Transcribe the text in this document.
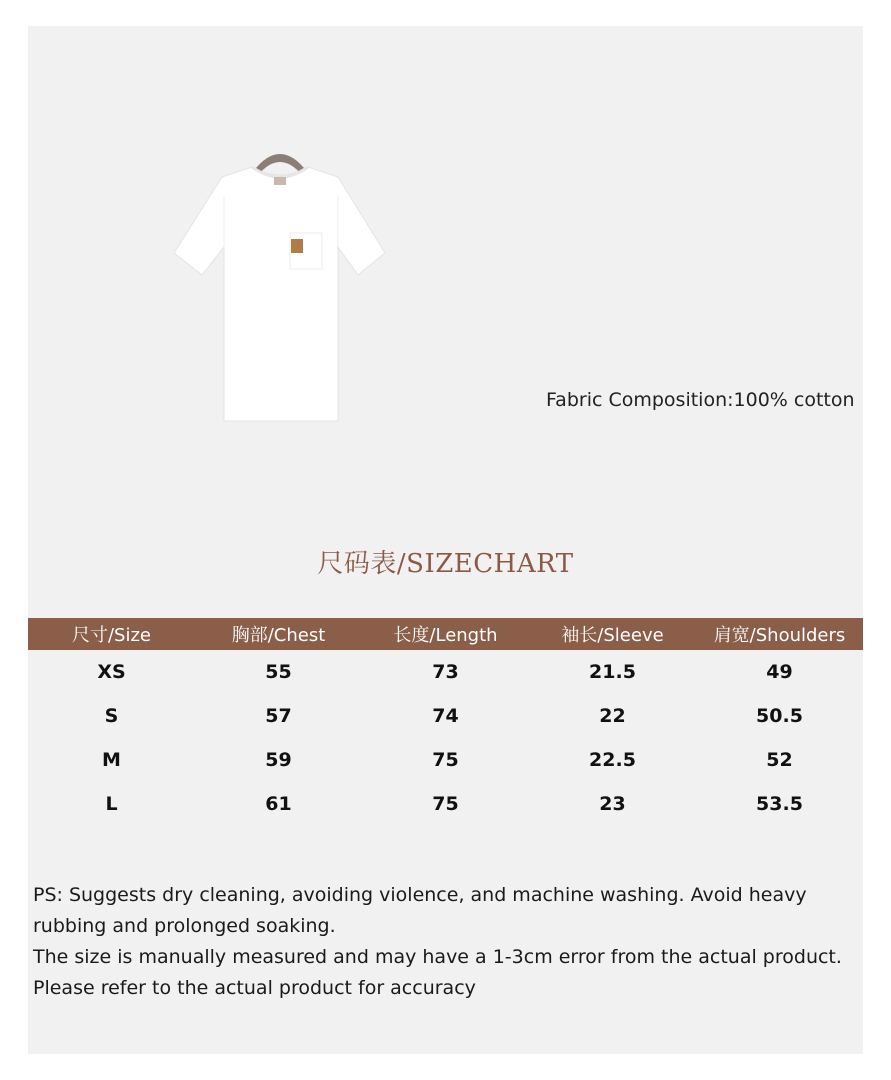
Fabric Composition:100% cotton
尺码表/SIZECHART
尺寸/Size	胸部/Chest	长度/Length	袖长/Sleeve	肩宽/Shoulders
XS	55	73	21.5	49
S	57	74	22	50.5
M	59	75	22.5	52
L	61	75	23	53.5

PS: Suggests dry cleaning, avoiding violence, and machine washing. Avoid heavy rubbing and prolonged soaking.

The size is manually measured and may have a 1-3cm error from the actual product.

Please refer to the actual product for accuracy
